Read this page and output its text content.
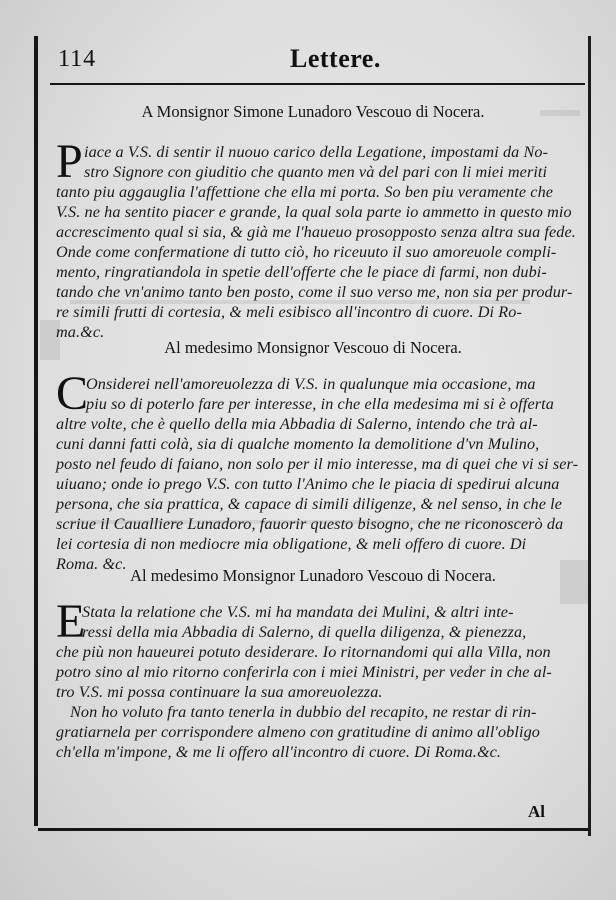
114	Lettere.
A Monsignor Simone Lunadoro Vescouo di Nocera.
P iace a V.S. di sentir il nuouo carico della Legatione, impostami da No-
stro Signore con giuditio che quanto men và del pari con li miei meriti
tanto piu aggauglia l'affettione che ella mi porta. So ben piu veramente che
V.S. ne ha sentito piacer e grande, la qual sola parte io ammetto in questo mio
accrescimento qual si sia, & già me l'haueuo prosopposto senza altra sua fede.
Onde come confermatione di tutto ciò, ho riceuuto il suo amoreuole compli-
mento, ringratiandola in spetie dell'offerte che le piace di farmi, non dubi-
tando che vn'animo tanto ben posto, come il suo verso me, non sia per produr-
re simili frutti di cortesia, & meli esibisco all'incontro di cuore. Di Ro-
ma.&c.
Al medesimo Monsignor Vescouo di Nocera.
C
Onsiderei nell'amoreuolezza di V.S. in qualunque mia occasione, ma
piu so di poterlo fare per interesse, in che ella medesima mi si è offerta
altre volte, che è quello della mia Abbadia di Salerno, intendo che trà al-
cuni danni fatti colà, sia di qualche momento la demolitione d'vn Mulino,
posto nel feudo di faiano, non solo per il mio interesse, ma di quei che vi si ser-
uiuano; onde io prego V.S. con tutto l'Animo che le piacia di spedirui alcuna
persona, che sia prattica, & capace di simili diligenze, & nel senso, in che le
scriue il Caualliere Lunadoro, fauorir questo bisogno, che ne riconoscerò da
lei cortesia di non mediocre mia obligatione, & meli offero di cuore. Di
Roma. &c.
Al medesimo Monsignor Lunadoro Vescouo di Nocera.
E
Stata la relatione che V.S. mi ha mandata dei Mulini, & altri inte-
ressi della mia Abbadia di Salerno, di quella diligenza, & pienezza,
che più non haueurei potuto desiderare. Io ritornandomi qui alla Villa, non
potro sino al mio ritorno conferirla con i miei Ministri, per veder in che al-
tro V.S. mi possa continuare la sua amoreuolezza.
Non ho voluto fra tanto tenerla in dubbio del recapito, ne restar di rin-
gratiarnela per corrispondere almeno con gratitudine di animo all'obligo
ch'ella m'impone, & me li offero all'incontro di cuore. Di Roma.&c.
Al
